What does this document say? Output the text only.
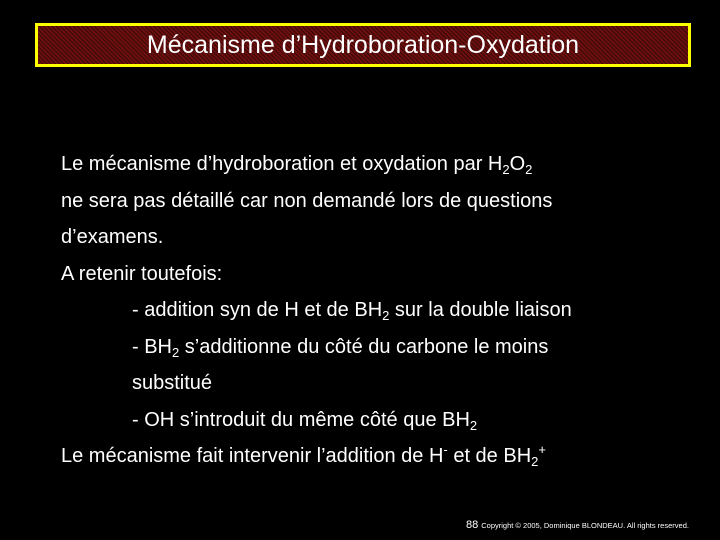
Mécanisme d’Hydroboration-Oxydation
Le mécanisme d’hydroboration et oxydation par $H_2O_2$
ne sera pas détaillé car non demandé lors de questions
d’examens.
A retenir toutefois:
- addition syn de H et de $BH_2$ sur la double liaison
- $BH_2$ s’additionne du côté du carbone le moins
substitué
- OH s’introduit du même côté que $BH_2$
Le mécanisme fait intervenir l’addition de H- et de $BH_2^+$
88 Copyright © 2005, Dominique BLONDEAU. All rights reserved.
